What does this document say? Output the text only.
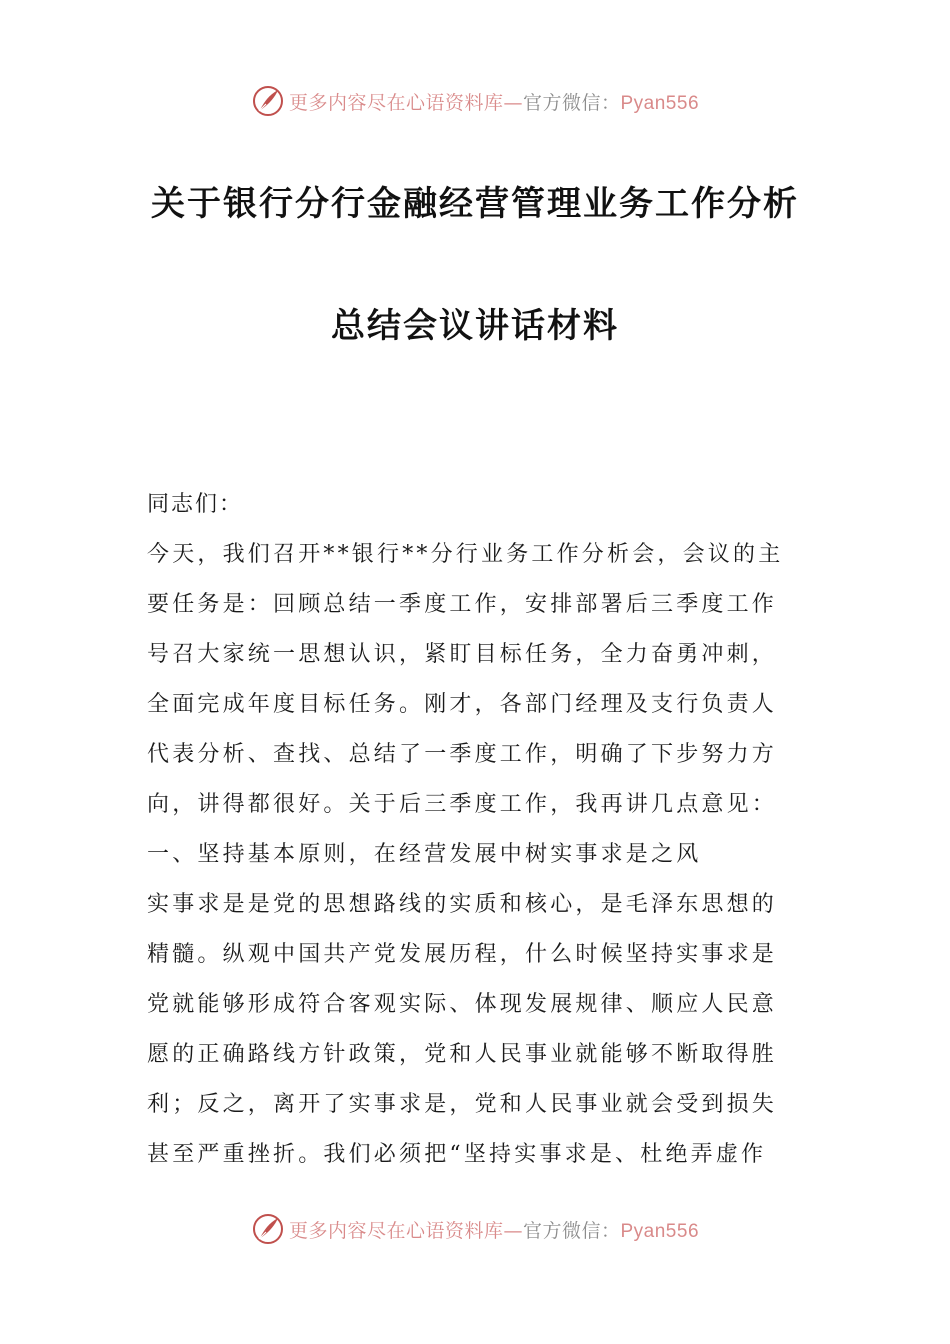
更多内容尽在心语资料库—官方微信：Pyan556
关于银行分行金融经营管理业务工作分析
总结会议讲话材料
同志们：
今天，我们召开**银行**分行业务工作分析会，会议的主
要任务是：回顾总结一季度工作，安排部署后三季度工作
号召大家统一思想认识，紧盯目标任务，全力奋勇冲刺，
全面完成年度目标任务。刚才，各部门经理及支行负责人
代表分析、查找、总结了一季度工作，明确了下步努力方
向，讲得都很好。关于后三季度工作，我再讲几点意见：
一、坚持基本原则，在经营发展中树实事求是之风
实事求是是党的思想路线的实质和核心，是毛泽东思想的
精髓。纵观中国共产党发展历程，什么时候坚持实事求是
党就能够形成符合客观实际、体现发展规律、顺应人民意
愿的正确路线方针政策，党和人民事业就能够不断取得胜
利；反之，离开了实事求是，党和人民事业就会受到损失
甚至严重挫折。我们必须把“坚持实事求是、杜绝弄虚作
更多内容尽在心语资料库—官方微信：Pyan556
